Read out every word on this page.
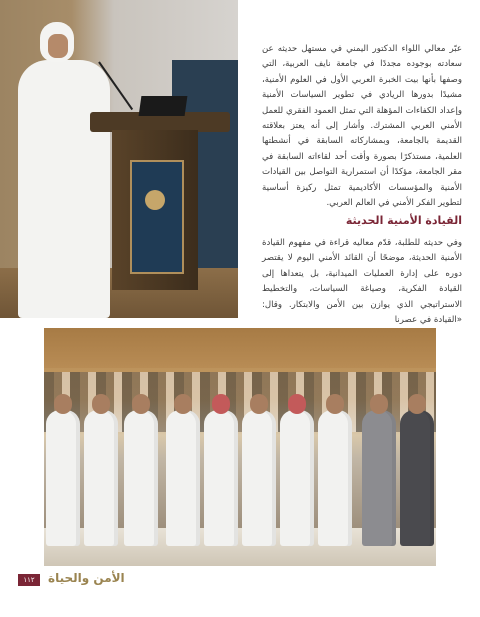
عبّر معالي اللواء الدكتور اليمني في مستهل حديثه عن سعادته بوجوده مجددًا في جامعة نايف العربية، التي وصفها بأنها بيت الخبرة العربي الأول في العلوم الأمنية، مشيدًا بدورها الريادي في تطوير السياسات الأمنية وإعداد الكفاءات المؤهلة التي تمثل العمود الفقري للعمل الأمني العربي المشترك. وأشار إلى أنه يعتز بعلاقته القديمة بالجامعة، وبمشاركاته السابقة في أنشطتها العلمية، مستذكرًا بصورة وأقت أحد لقاءاته السابقة في مقر الجامعة، مؤكدًا أن استمرارية التواصل بين القيادات الأمنية والمؤسسات الأكاديمية تمثل ركيزة أساسية لتطوير الفكر الأمني في العالم العربي.

القيادة الأمنية الحديثة

وفي حديثه للطلبة، قدّم معاليه قراءة في مفهوم القيادة الأمنية الحديثة، موضحًا أن القائد الأمني اليوم لا يقتصر دوره على إدارة العمليات الميدانية، بل يتعداها إلى القيادة الفكرية، وصياغة السياسات، والتخطيط الاستراتيجي الذي يوازن بين الأمن والابتكار. وقال: «القيادة في عصرنا

١١٢	الأمن والحياة
